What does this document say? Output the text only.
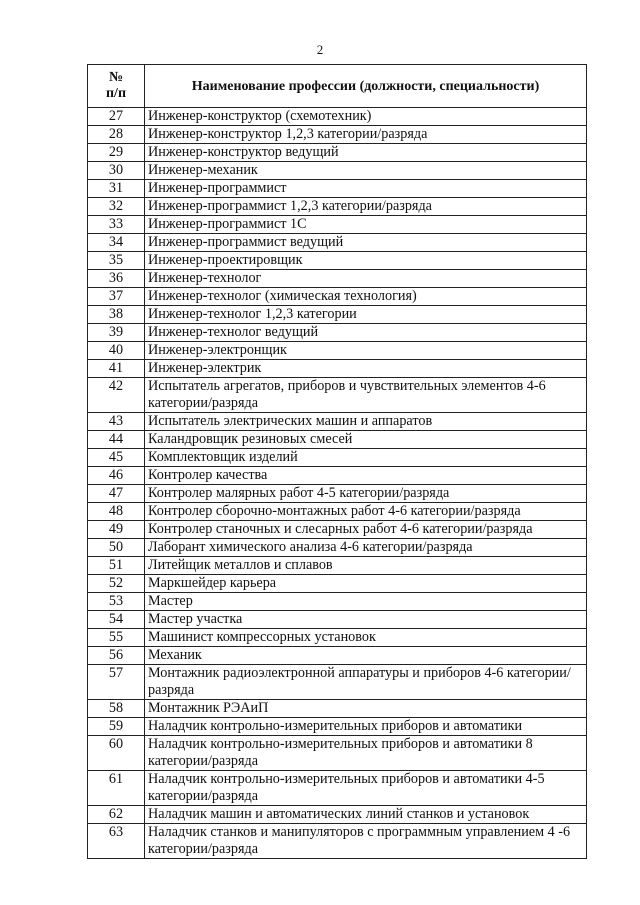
2
№
п/п	Наименование профессии (должности, специальности)
27	Инженер-конструктор (схемотехник)
28	Инженер-конструктор 1,2,3 категории/разряда
29	Инженер-конструктор ведущий
30	Инженер-механик
31	Инженер-программист
32	Инженер-программист 1,2,3 категории/разряда
33	Инженер-программист 1С
34	Инженер-программист ведущий
35	Инженер-проектировщик
36	Инженер-технолог
37	Инженер-технолог (химическая технология)
38	Инженер-технолог 1,2,3 категории
39	Инженер-технолог ведущий
40	Инженер-электронщик
41	Инженер-электрик
42	Испытатель агрегатов, приборов и чувствительных элементов 4-6 категории/разряда
43	Испытатель электрических машин и аппаратов
44	Каландровщик резиновых смесей
45	Комплектовщик изделий
46	Контролер качества
47	Контролер малярных работ 4-5 категории/разряда
48	Контролер сборочно-монтажных работ 4-6 категории/разряда
49	Контролер станочных и слесарных работ 4-6 категории/разряда
50	Лаборант химического анализа 4-6 категории/разряда
51	Литейщик металлов и сплавов
52	Маркшейдер карьера
53	Мастер
54	Мастер участка
55	Машинист компрессорных установок
56	Механик
57	Монтажник радиоэлектронной аппаратуры и приборов 4-6 категории/разряда
58	Монтажник РЭАиП
59	Наладчик контрольно-измерительных приборов и автоматики
60	Наладчик контрольно-измерительных приборов и автоматики 8 категории/разряда
61	Наладчик контрольно-измерительных приборов и автоматики 4-5 категории/разряда
62	Наладчик машин и автоматических линий станков и установок
63	Наладчик станков и манипуляторов с программным управлением 4 -6 категории/разряда
